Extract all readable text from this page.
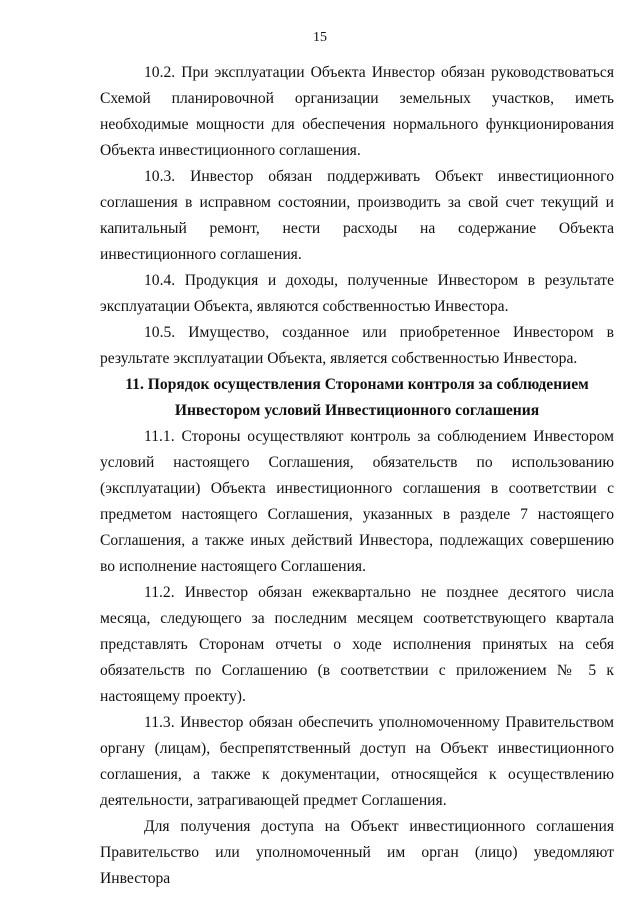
15

10.2. При эксплуатации Объекта Инвестор обязан руководствоваться Схемой планировочной организации земельных участков, иметь необходимые мощности для обеспечения нормального функционирования Объекта инвестиционного соглашения.

10.3. Инвестор обязан поддерживать Объект инвестиционного соглашения в исправном состоянии, производить за свой счет текущий и капитальный ремонт, нести расходы на содержание Объекта инвестиционного соглашения.

10.4. Продукция и доходы, полученные Инвестором в результате эксплуатации Объекта, являются собственностью Инвестора.

10.5. Имущество, созданное или приобретенное Инвестором в результате эксплуатации Объекта, является собственностью Инвестора.

11. Порядок осуществления Сторонами контроля за соблюдением

Инвестором условий Инвестиционного соглашения

11.1. Стороны осуществляют контроль за соблюдением Инвестором условий настоящего Соглашения, обязательств по использованию (эксплуатации) Объекта инвестиционного соглашения в соответствии с предметом настоящего Соглашения, указанных в разделе 7 настоящего Соглашения, а также иных действий Инвестора, подлежащих совершению во исполнение настоящего Соглашения.

11.2. Инвестор обязан ежеквартально не позднее десятого числа месяца, следующего за последним месяцем соответствующего квартала представлять Сторонам отчеты о ходе исполнения принятых на себя обязательств по Соглашению (в соответствии с приложением № 5 к настоящему проекту).

11.3. Инвестор обязан обеспечить уполномоченному Правительством органу (лицам), беспрепятственный доступ на Объект инвестиционного соглашения, а также к документации, относящейся к осуществлению деятельности, затрагивающей предмет Соглашения.

Для получения доступа на Объект инвестиционного соглашения Правительство или уполномоченный им орган (лицо) уведомляют Инвестора
